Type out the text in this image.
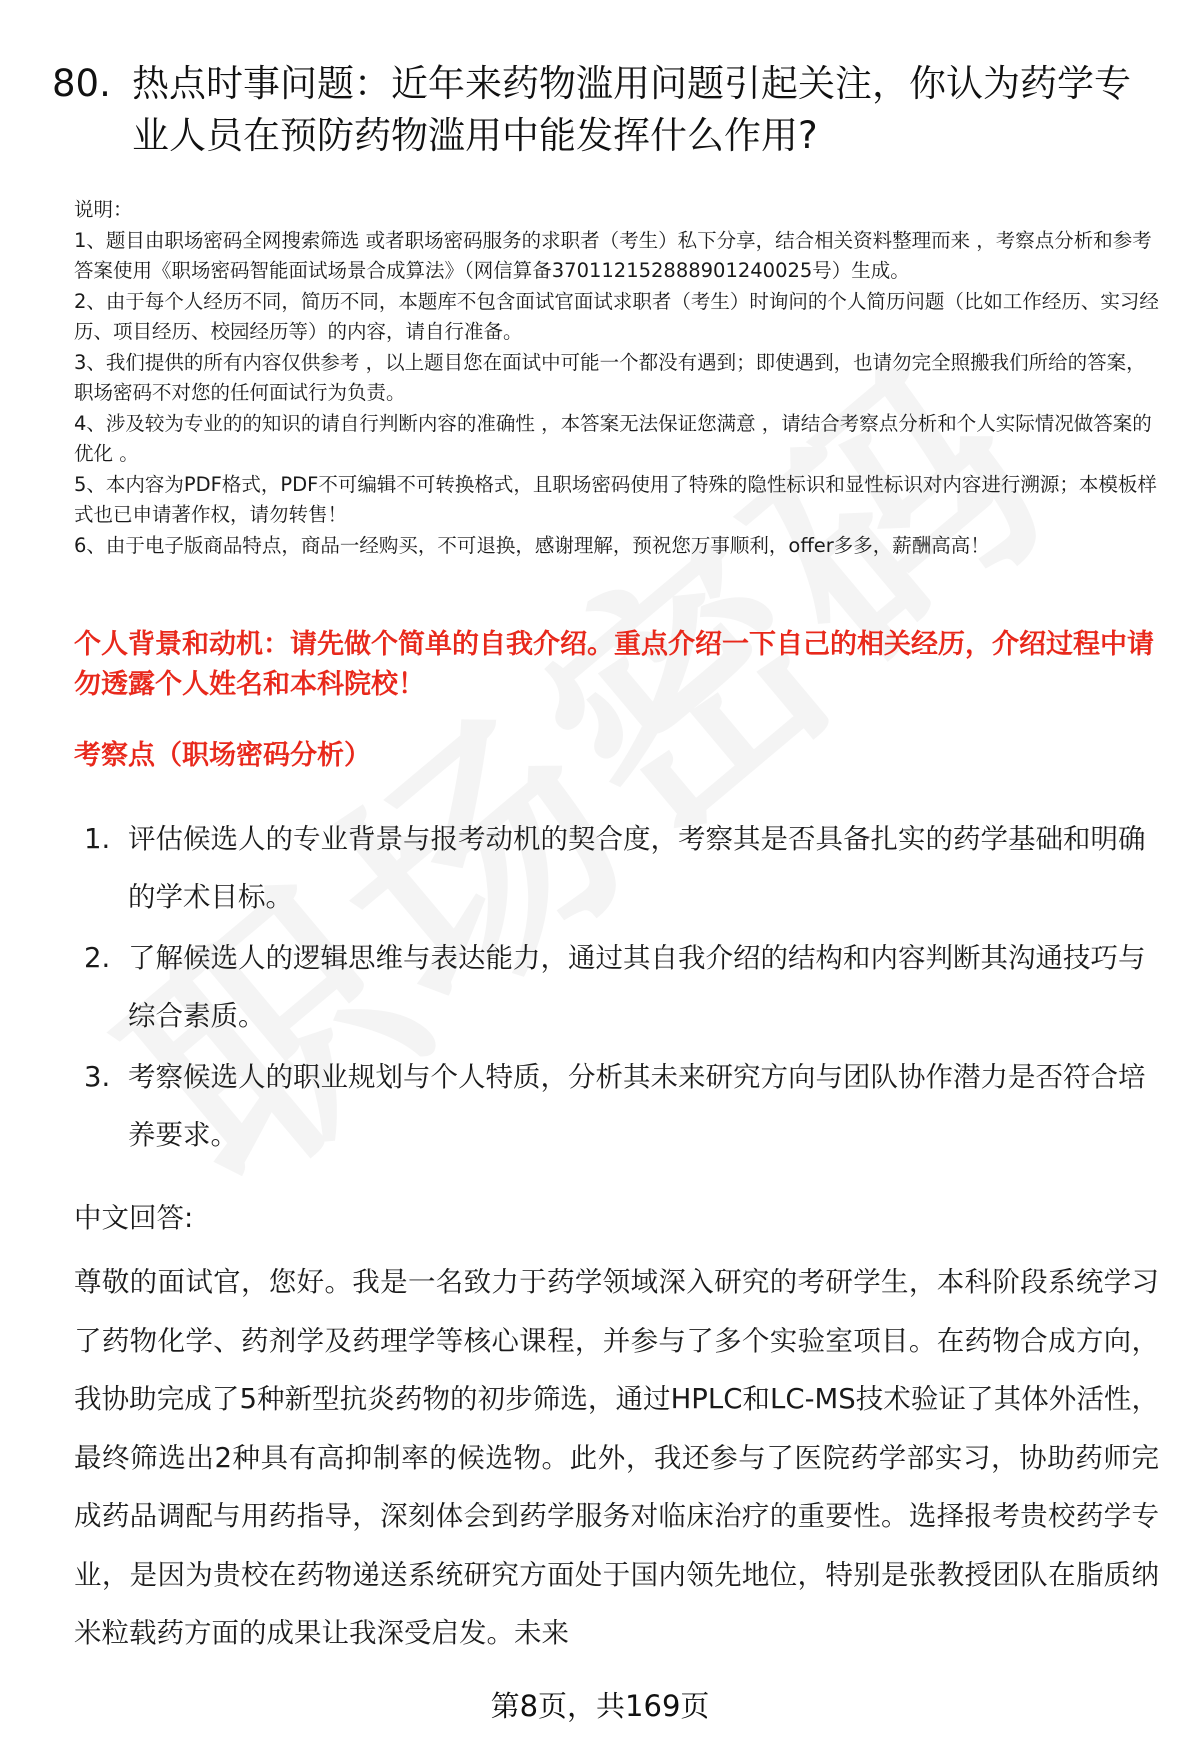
80. 热点时事问题：近年来药物滥用问题引起关注，你认为药学专业人员在预防药物滥用中能发挥什么作用?

说明：

1、题目由职场密码全网搜索筛选 或者职场密码服务的求职者（考生）私下分享，结合相关资料整理而来 ，考察点分析和参考答案使用《职场密码智能面试场景合成算法》（网信算备370112152888901240025号）生成。

2、由于每个人经历不同，简历不同，本题库不包含面试官面试求职者（考生）时询问的个人简历问题（比如工作经历、实习经历、项目经历、校园经历等）的内容，请自行准备。

3、我们提供的所有内容仅供参考 ，以上题目您在面试中可能一个都没有遇到；即使遇到，也请勿完全照搬我们所给的答案，职场密码不对您的任何面试行为负责。

4、涉及较为专业的的知识的请自行判断内容的准确性 ，本答案无法保证您满意 ，请结合考察点分析和个人实际情况做答案的优化 。

5、本内容为PDF格式，PDF不可编辑不可转换格式，且职场密码使用了特殊的隐性标识和显性标识对内容进行溯源；本模板样式也已申请著作权，请勿转售！

6、由于电子版商品特点，商品一经购买，不可退换，感谢理解，预祝您万事顺利，offer多多，薪酬高高！

个人背景和动机：请先做个简单的自我介绍。重点介绍一下自己的相关经历，介绍过程中请勿透露个人姓名和本科院校！
考察点（职场密码分析）
1. 评估候选人的专业背景与报考动机的契合度，考察其是否具备扎实的药学基础和明确的学术目标。
2. 了解候选人的逻辑思维与表达能力，通过其自我介绍的结构和内容判断其沟通技巧与综合素质。
3. 考察候选人的职业规划与个人特质，分析其未来研究方向与团队协作潜力是否符合培养要求。

中文回答:

尊敬的面试官，您好。我是一名致力于药学领域深入研究的考研学生，本科阶段系统学习了药物化学、药剂学及药理学等核心课程，并参与了多个实验室项目。在药物合成方向，我协助完成了5种新型抗炎药物的初步筛选，通过HPLC和LC-MS技术验证了其体外活性，最终筛选出2种具有高抑制率的候选物。此外，我还参与了医院药学部实习，协助药师完成药品调配与用药指导，深刻体会到药学服务对临床治疗的重要性。选择报考贵校药学专业，是因为贵校在药物递送系统研究方面处于国内领先地位，特别是张教授团队在脂质纳米粒载药方面的成果让我深受启发。未来

第8页，共169页
